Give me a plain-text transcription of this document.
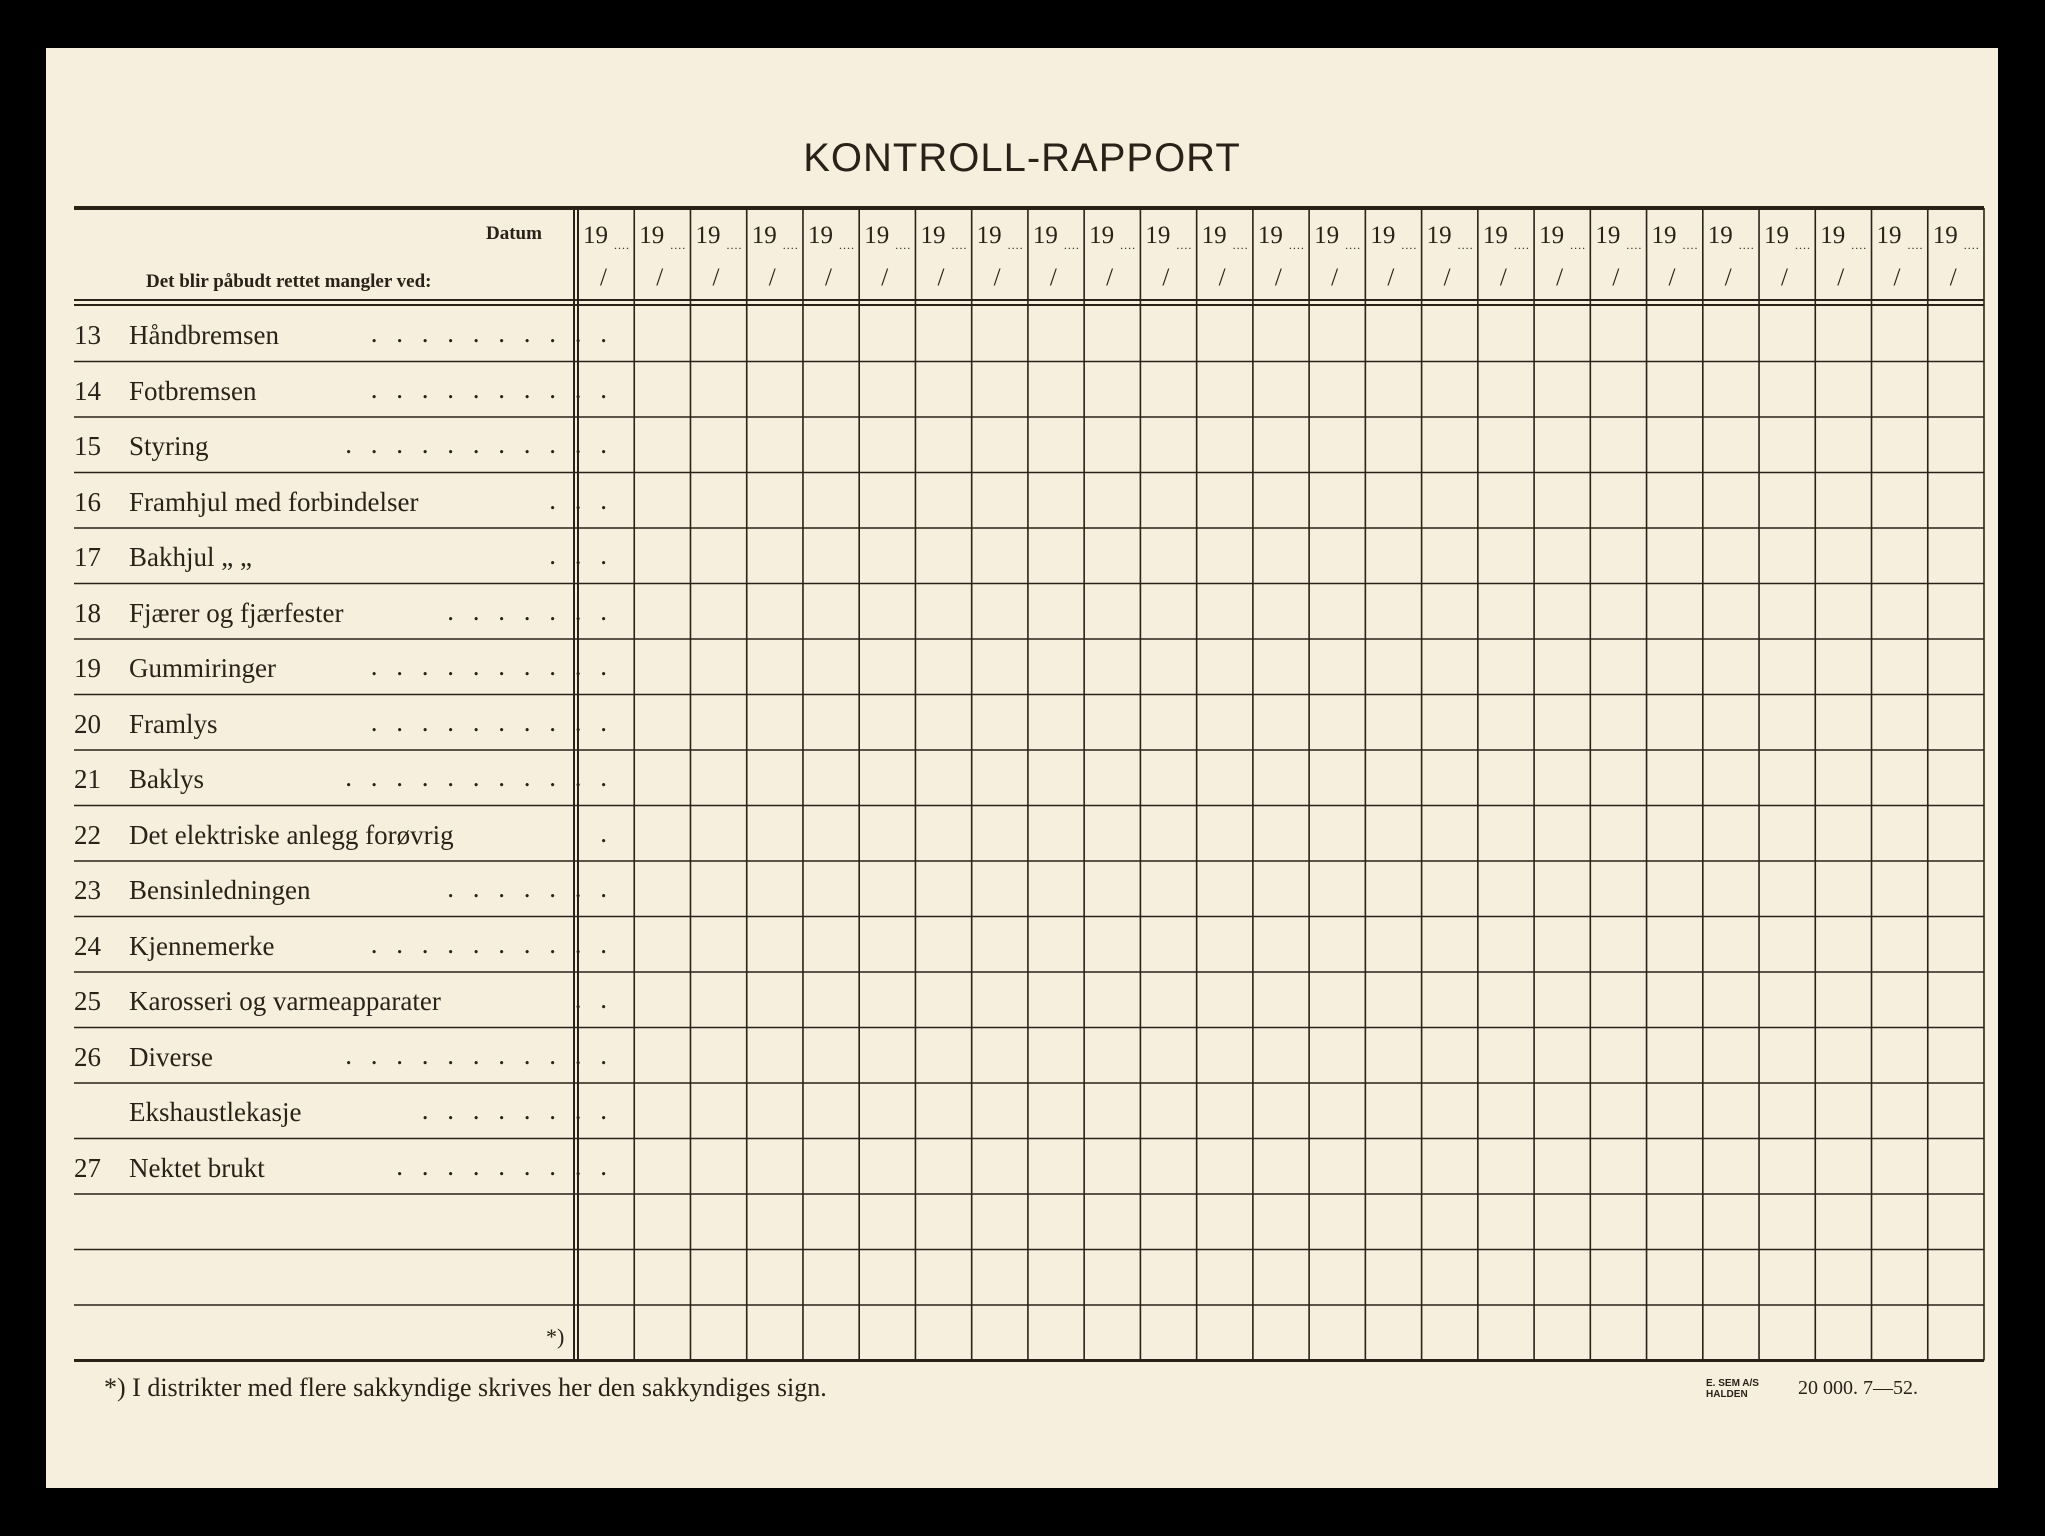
KONTROLL-RAPPORT
Datum
Det blir påbudt rettet mangler ved:
19 ....
/
19 ....
/
19 ....
/
19 ....
/
19 ....
/
19 ....
/
19 ....
/
19 ....
/
19 ....
/
19 ....
/
19 ....
/
19 ....
/
19 ....
/
19 ....
/
19 ....
/
19 ....
/
19 ....
/
19 ....
/
19 ....
/
19 ....
/
19 ....
/
19 ....
/
19 ....
/
19 ....
/
19 ....
/
13	Håndbremsen	. . . . . . . . . .
14	Fotbremsen	. . . . . . . . . .
15	Styring	. . . . . . . . . . .
16	Framhjul med forbindelser	. . .
17	Bakhjul „ „	. . .
18	Fjærer og fjærfester	. . . . . . .
19	Gummiringer	. . . . . . . . . .
20	Framlys	. . . . . . . . . .
21	Baklys	. . . . . . . . . . .
22	Det elektriske anlegg forøvrig	.
23	Bensinledningen	. . . . . . .
24	Kjennemerke	. . . . . . . . . .
25	Karosseri og varmeapparater	. .
26	Diverse	. . . . . . . . . . .
Ekshaustlekasje	. . . . . . . .
27	Nektet brukt	. . . . . . . . .
*)
*) I distrikter med flere sakkyndige skrives her den sakkyndiges sign.	E. SEM A/S
HALDEN	20 000. 7—52.
